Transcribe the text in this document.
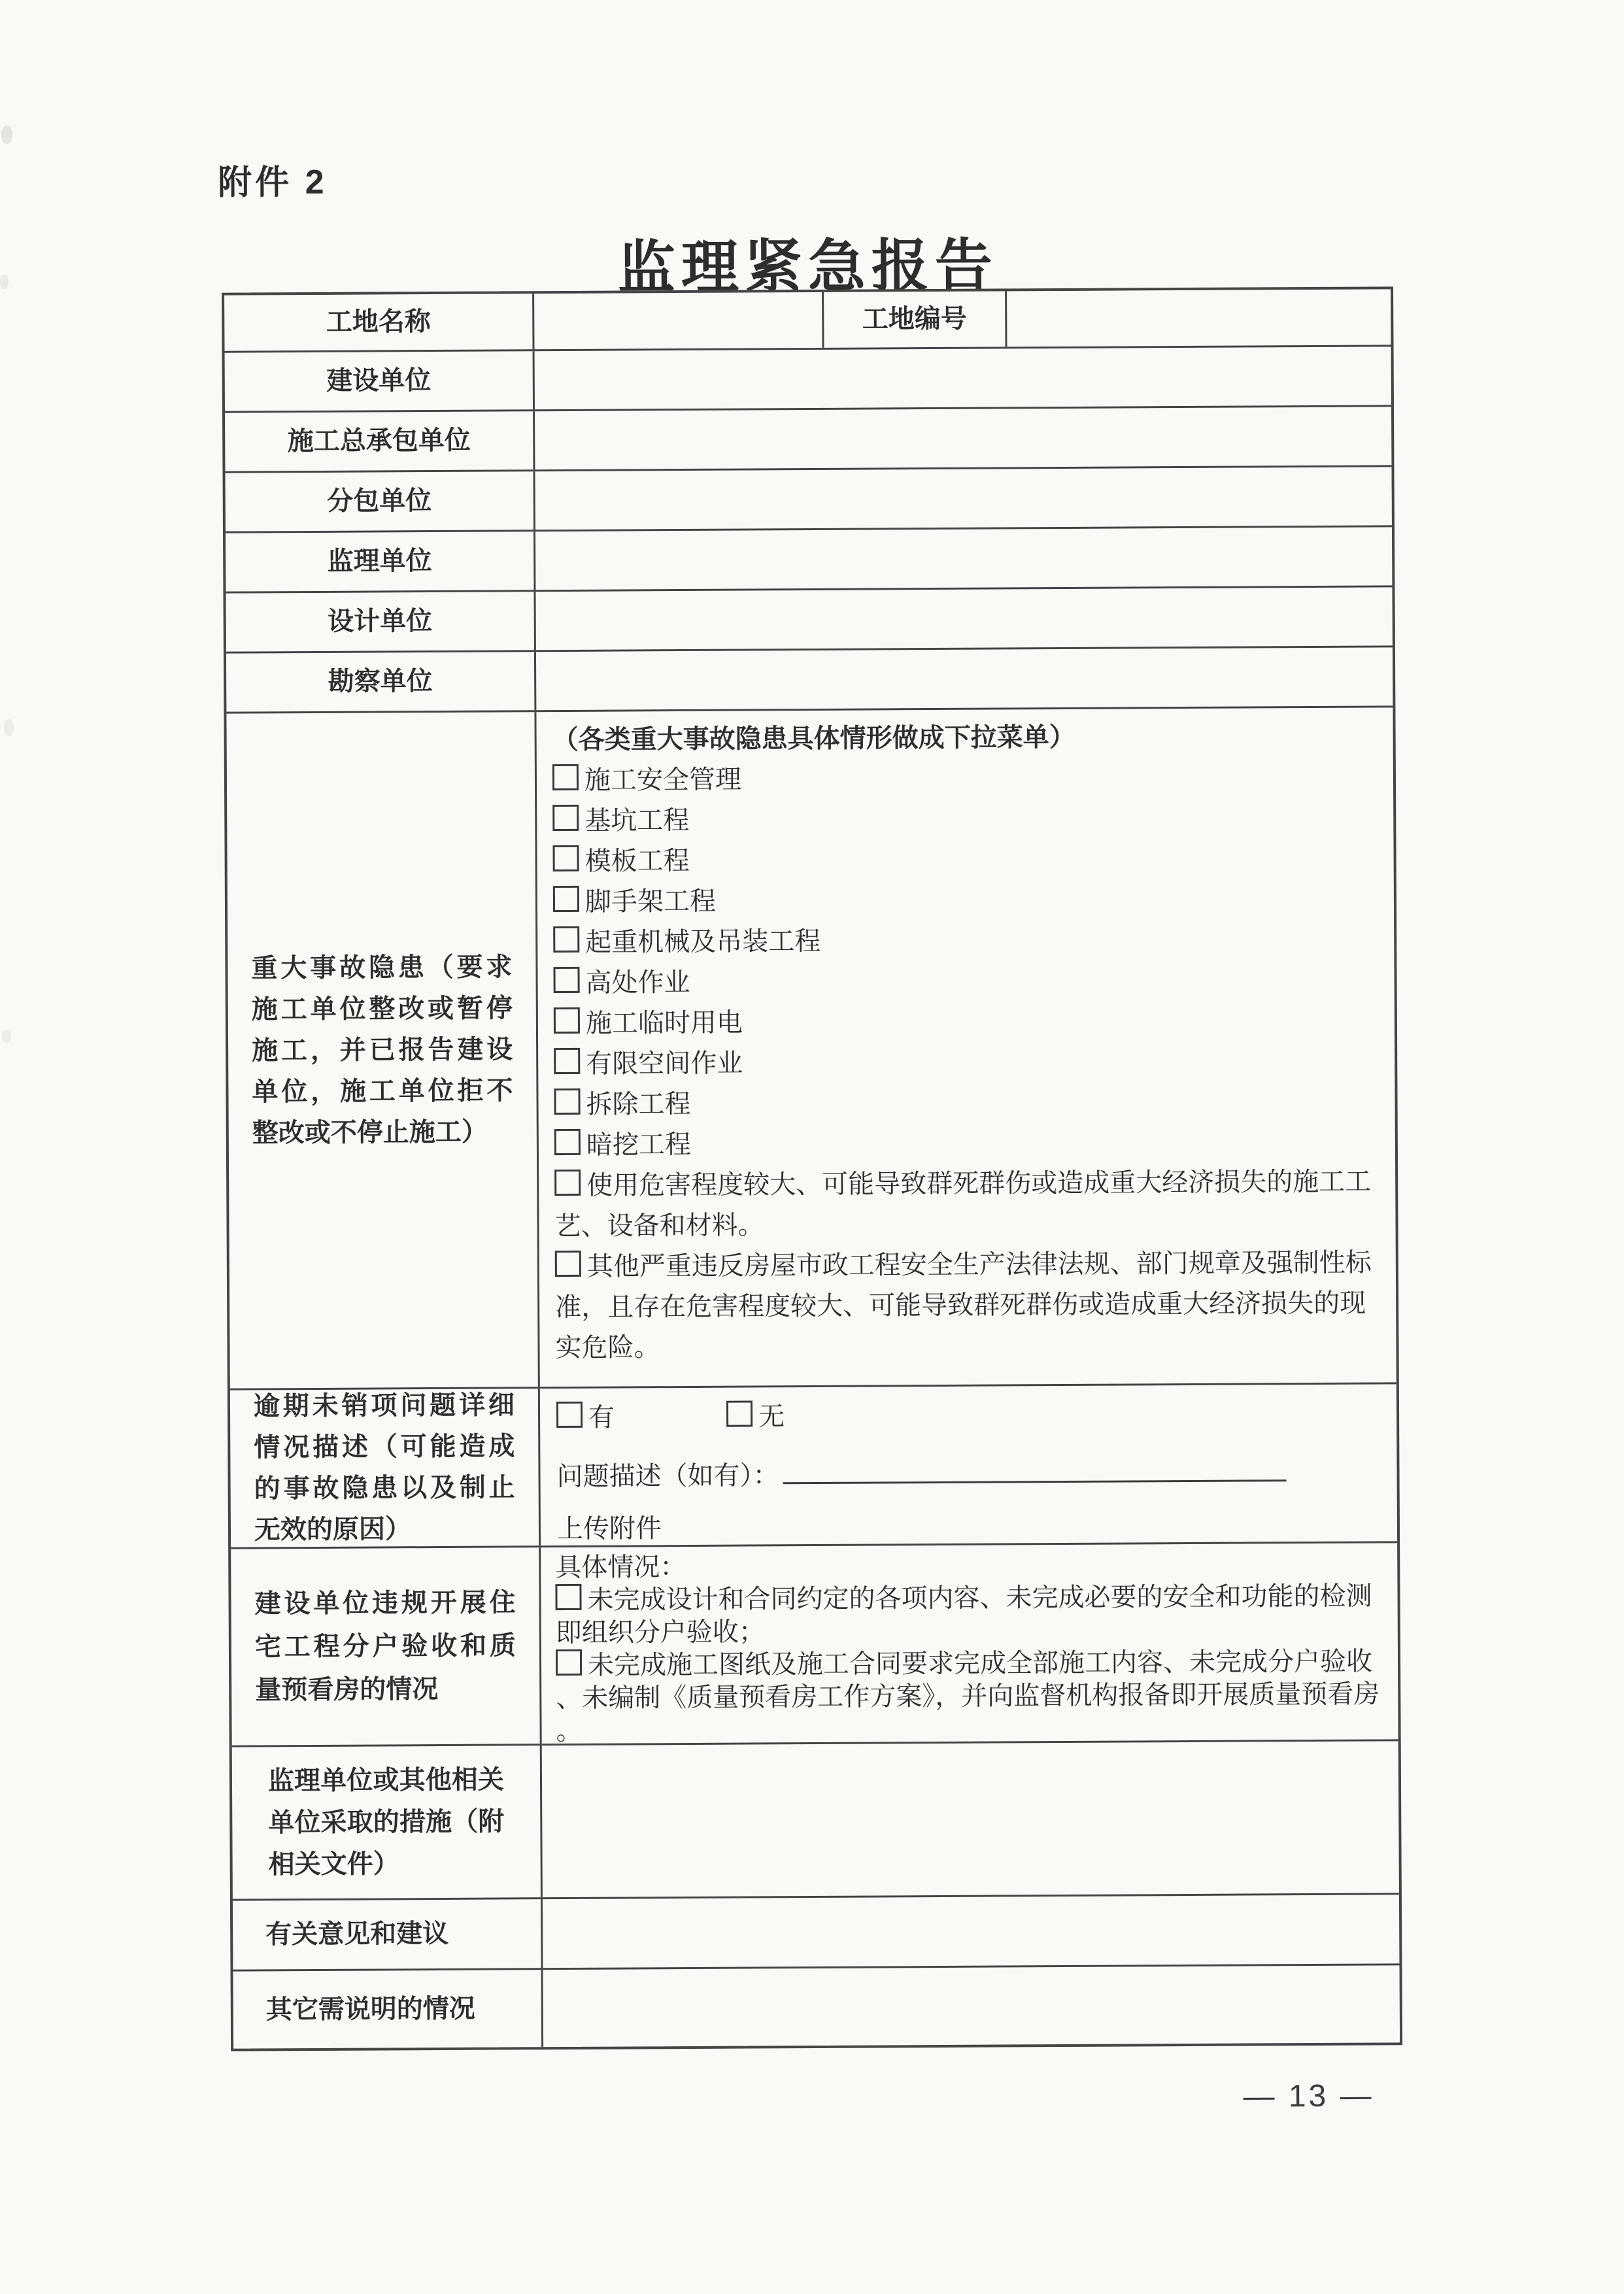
附件 2
监理紧急报告
工地名称	工地编号
建设单位
施工总承包单位
分包单位
监理单位
设计单位
勘察单位
重大事故隐患（要求施工单位整改或暂停施工，并已报告建设单位，施工单位拒不整改或不停止施工）
（各类重大事故隐患具体情形做成下拉菜单）
施工安全管理
基坑工程
模板工程
脚手架工程
起重机械及吊装工程
高处作业
施工临时用电
有限空间作业
拆除工程
暗挖工程
使用危害程度较大、可能导致群死群伤或造成重大经济损失的施工工艺、设备和材料。
其他严重违反房屋市政工程安全生产法律法规、部门规章及强制性标准，且存在危害程度较大、可能导致群死群伤或造成重大经济损失的现实危险。
逾期未销项问题详细情况描述（可能造成的事故隐患以及制止无效的原因）
有	无
问题描述（如有）：
上传附件
建设单位违规开展住宅工程分户验收和质量预看房的情况
具体情况：
未完成设计和合同约定的各项内容、未完成必要的安全和功能的检测即组织分户验收；
未完成施工图纸及施工合同要求完成全部施工内容、未完成分户验收、未编制《质量预看房工作方案》，并向监督机构报备即开展质量预看房。
监理单位或其他相关单位采取的措施（附相关文件）
有关意见和建议
其它需说明的情况
— 13 —
